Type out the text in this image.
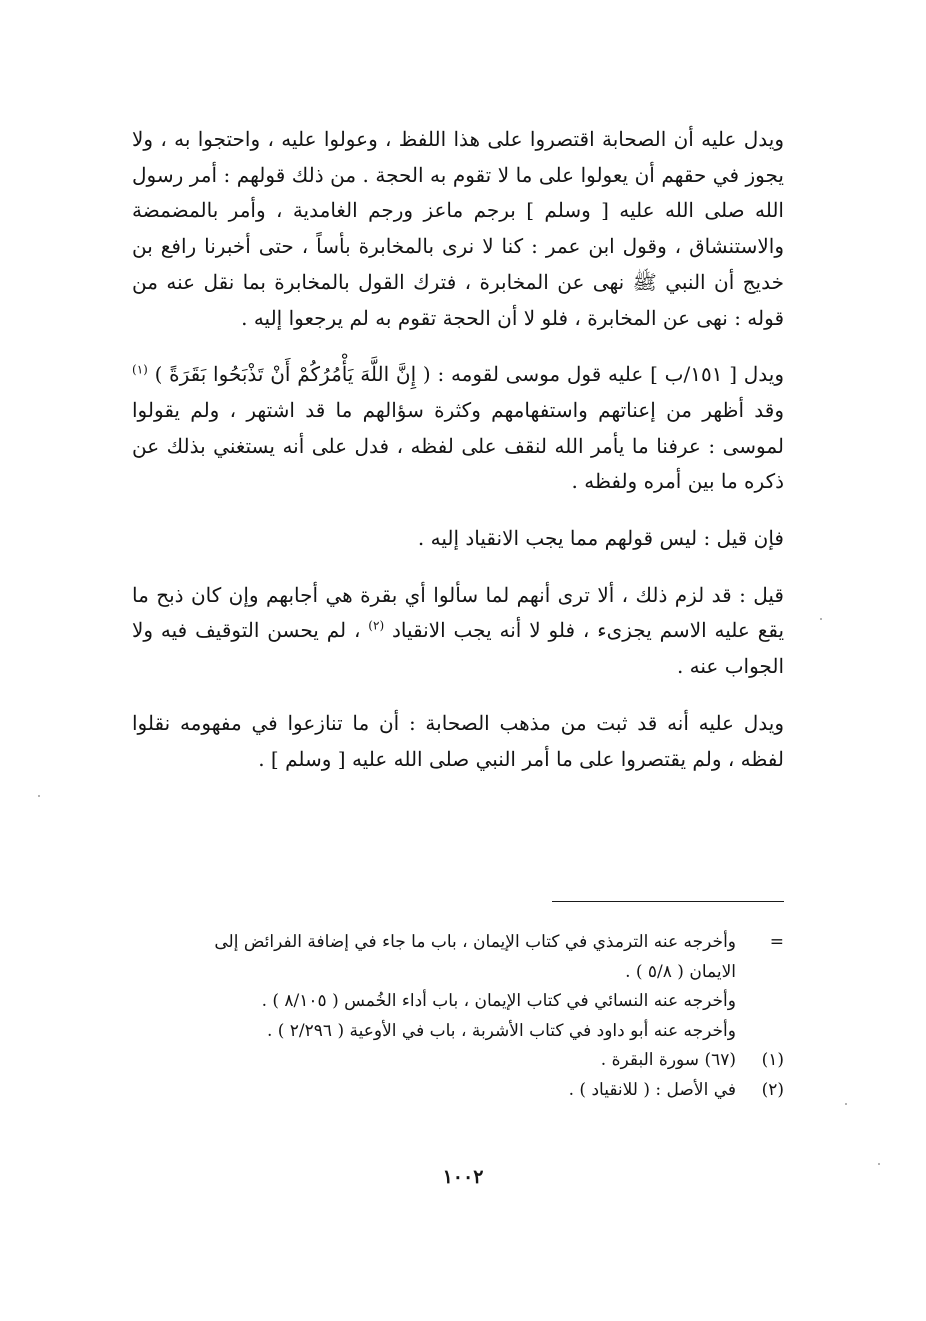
ويدل عليه أن الصحابة اقتصروا على هذا اللفظ ، وعولوا عليه ، واحتجوا به ، ولا يجوز في حقهم أن يعولوا على ما لا تقوم به الحجة . من ذلك قولهم : أمر رسول الله صلى الله عليه [ وسلم ] برجم ماعز ورجم الغامدية ، وأمر بالمضمضة والاستنشاق ، وقول ابن عمر : كنا لا نرى بالمخابرة بأساً ، حتى أخبرنا رافع بن خديج أن النبي ﷺ نهى عن المخابرة ، فترك القول بالمخابرة بما نقل عنه من قوله : نهى عن المخابرة ، فلو لا أن الحجة تقوم به لم يرجعوا إليه .

ويدل [ ١٥١/ب ] عليه قول موسى لقومه : ( إِنَّ اللَّهَ يَأْمُرُكُمْ أَنْ تَذْبَحُوا بَقَرَةً ) $^{(١)}$ وقد أظهر من إعناتهم واستفهامهم وكثرة سؤالهم ما قد اشتهر ، ولم يقولوا لموسى : عرفنا ما يأمر الله لنقف على لفظه ، فدل على أنه يستغني بذلك عن ذكره ما بين أمره ولفظه .

فإن قيل : ليس قولهم مما يجب الانقياد إليه .

قيل : قد لزم ذلك ، ألا ترى أنهم لما سألوا أي بقرة هي أجابهم وإن كان ذبح ما يقع عليه الاسم يجزىء ، فلو لا أنه يجب الانقياد $^{(٢)}$ ، لم يحسن التوقيف فيه ولا الجواب عنه .

ويدل عليه أنه قد ثبت من مذهب الصحابة : أن ما تنازعوا في مفهومه نقلوا لفظه ، ولم يقتصروا على ما أمر النبي صلى الله عليه [ وسلم ] .

=
وأخرجه عنه الترمذي في كتاب الإيمان ، باب ما جاء في إضافة الفرائض إلى

الايمان ( ٥/٨ ) .

وأخرجه عنه النسائي في كتاب الإيمان ، باب أداء الخُمس ( ٨/١٠٥ ) .

وأخرجه عنه أبو داود في كتاب الأشربة ، باب في الأوعية ( ٢/٢٩٦ ) .

(١)
(٦٧) سورة البقرة .

(٢)
في الأصل : ( للانقياد ) .

١٠٠٢
